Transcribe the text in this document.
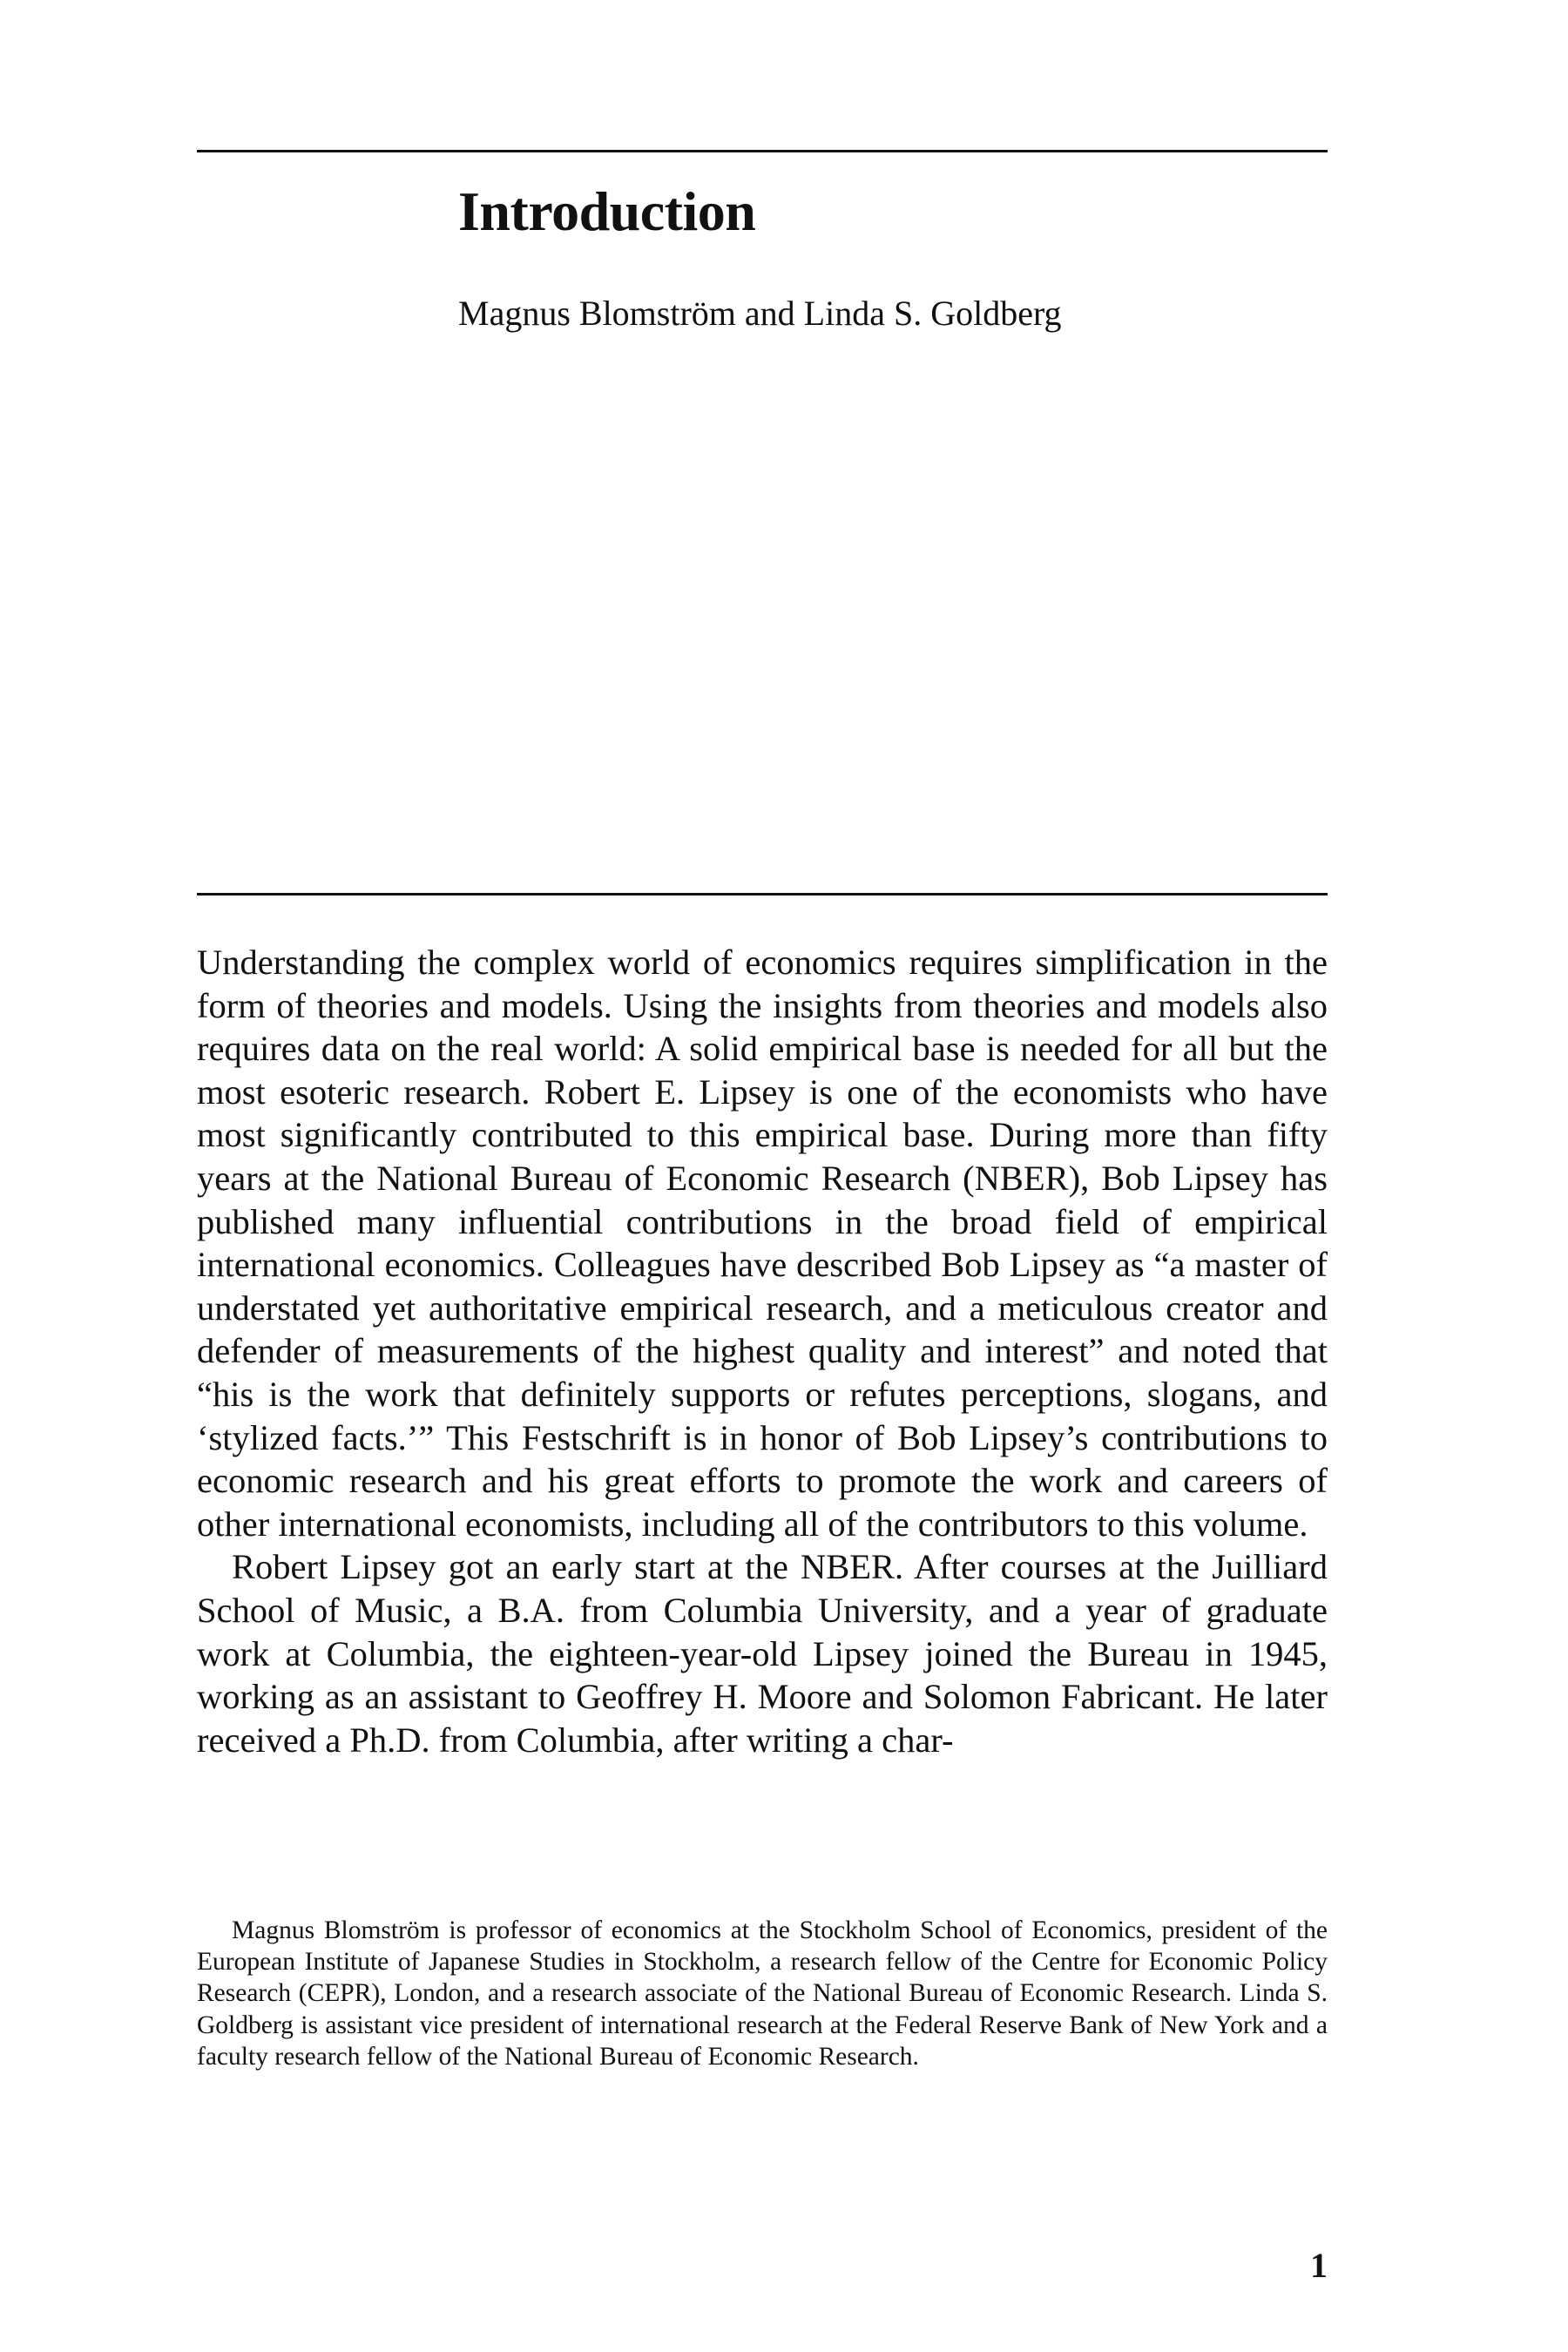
Introduction

Magnus Blomström and Linda S. Goldberg

Understanding the complex world of economics requires simplification in the form of theories and models. Using the insights from theories and models also requires data on the real world: A solid empirical base is needed for all but the most esoteric research. Robert E. Lipsey is one of the economists who have most significantly contributed to this empirical base. During more than fifty years at the National Bureau of Economic Research (NBER), Bob Lipsey has published many influential contributions in the broad field of empirical international economics. Colleagues have described Bob Lipsey as “a master of understated yet authoritative empirical research, and a meticulous creator and defender of measurements of the highest quality and interest” and noted that “his is the work that definitely supports or refutes perceptions, slogans, and ‘stylized facts.’” This Festschrift is in honor of Bob Lipsey’s contributions to economic research and his great efforts to promote the work and careers of other international economists, including all of the contributors to this volume.

Robert Lipsey got an early start at the NBER. After courses at the Juilliard School of Music, a B.A. from Columbia University, and a year of graduate work at Columbia, the eighteen-year-old Lipsey joined the Bureau in 1945, working as an assistant to Geoffrey H. Moore and Solomon Fabricant. He later received a Ph.D. from Columbia, after writing a char-

Magnus Blomström is professor of economics at the Stockholm School of Economics, president of the European Institute of Japanese Studies in Stockholm, a research fellow of the Centre for Economic Policy Research (CEPR), London, and a research associate of the National Bureau of Economic Research. Linda S. Goldberg is assistant vice president of international research at the Federal Reserve Bank of New York and a faculty research fellow of the National Bureau of Economic Research.

1
